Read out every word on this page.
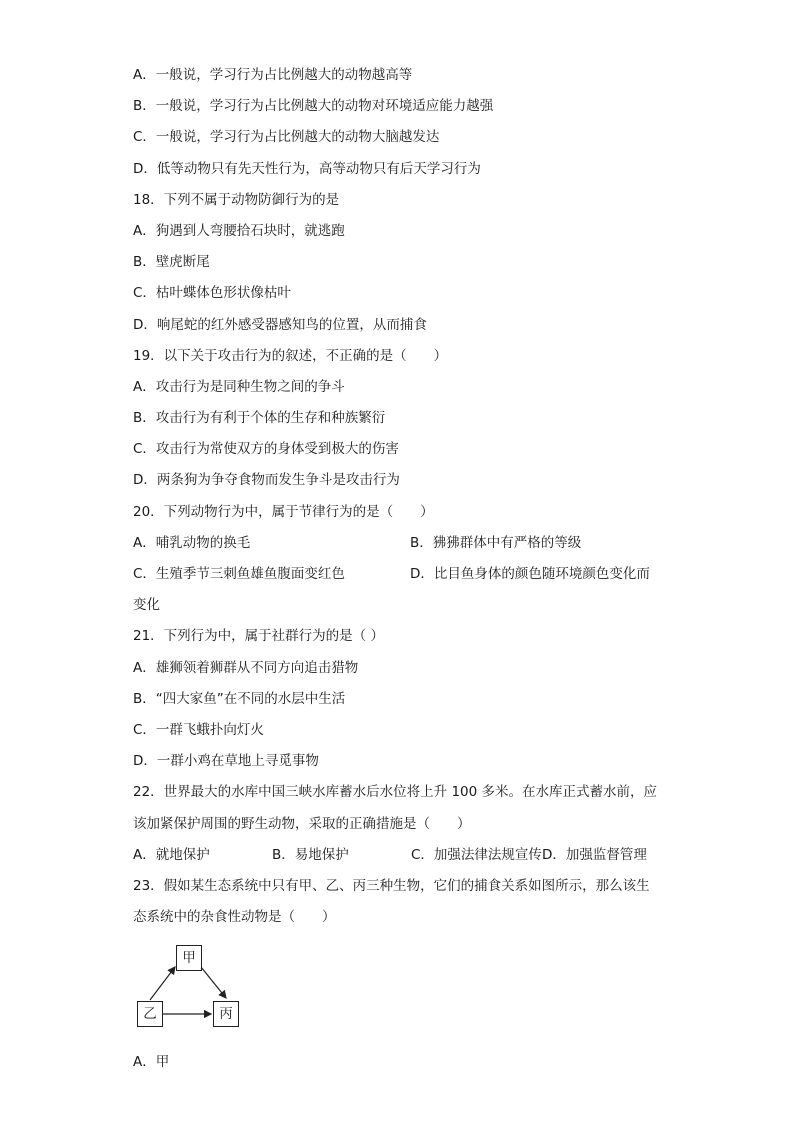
A．一般说，学习行为占比例越大的动物越高等
B．一般说，学习行为占比例越大的动物对环境适应能力越强
C．一般说，学习行为占比例越大的动物大脑越发达
D．低等动物只有先天性行为，高等动物只有后天学习行为
18．下列不属于动物防御行为的是
A．狗遇到人弯腰拾石块时，就逃跑
B．壁虎断尾
C．枯叶蝶体色形状像枯叶
D．响尾蛇的红外感受器感知鸟的位置，从而捕食
19．以下关于攻击行为的叙述，不正确的是（　　）
A．攻击行为是同种生物之间的争斗
B．攻击行为有利于个体的生存和种族繁衍
C．攻击行为常使双方的身体受到极大的伤害
D．两条狗为争夺食物而发生争斗是攻击行为
20．下列动物行为中，属于节律行为的是（　　）
A．哺乳动物的换毛	B．狒狒群体中有严格的等级
C．生殖季节三刺鱼雄鱼腹面变红色	D．比目鱼身体的颜色随环境颜色变化而
变化
21．下列行为中，属于社群行为的是（ ）
A．雄狮领着狮群从不同方向追击猎物
B．“四大家鱼”在不同的水层中生活
C．一群飞蛾扑向灯火
D．一群小鸡在草地上寻觅事物
22．世界最大的水库中国三峡水库蓄水后水位将上升 100 多米。在水库正式蓄水前，应
该加紧保护周围的野生动物，采取的正确措施是（　　）
A．就地保护	B．易地保护	C．加强法律法规宣传 D．加强监督管理
23．假如某生态系统中只有甲、乙、丙三种生物，它们的捕食关系如图所示，那么该生
态系统中的杂食性动物是（　　）
甲
乙	丙
A．甲
